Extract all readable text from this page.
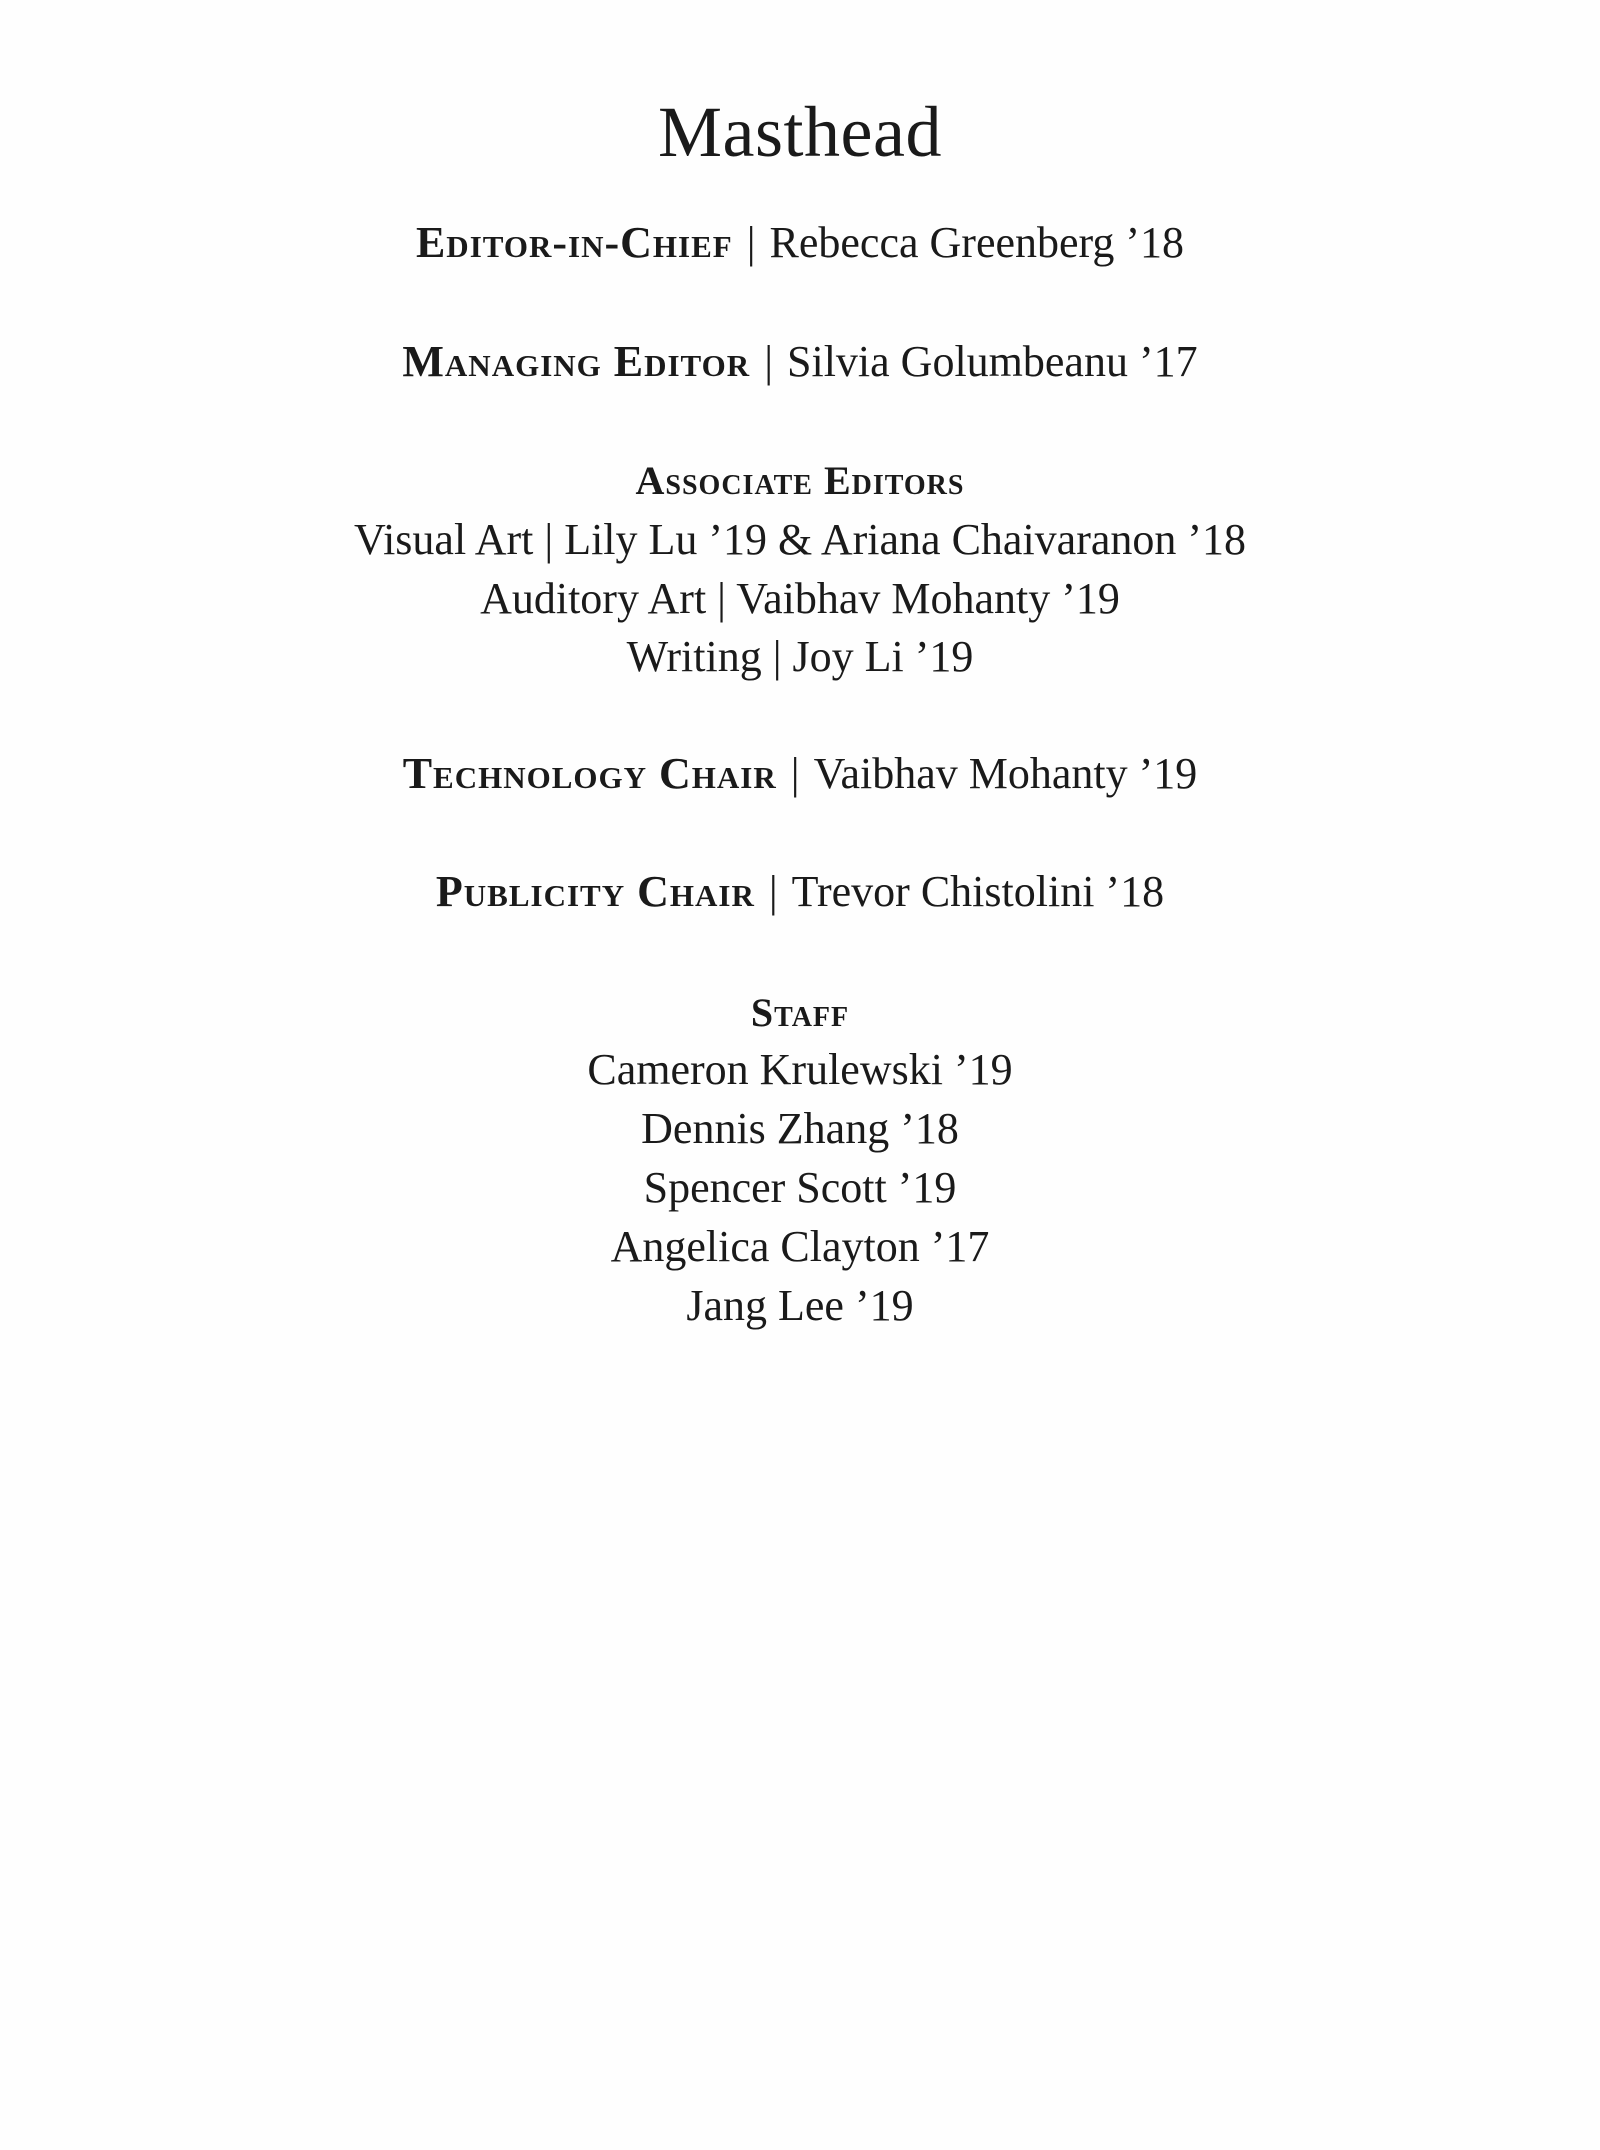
Masthead
Editor-in-Chief | Rebecca Greenberg ’18
Managing Editor | Silvia Golumbeanu ’17
Associate Editors
Visual Art | Lily Lu ’19 & Ariana Chaivaranon ’18
Auditory Art | Vaibhav Mohanty ’19
Writing | Joy Li ’19
Technology Chair | Vaibhav Mohanty ’19
Publicity Chair | Trevor Chistolini ’18
Staff
Cameron Krulewski ’19
Dennis Zhang ’18
Spencer Scott ’19
Angelica Clayton ’17
Jang Lee ’19
